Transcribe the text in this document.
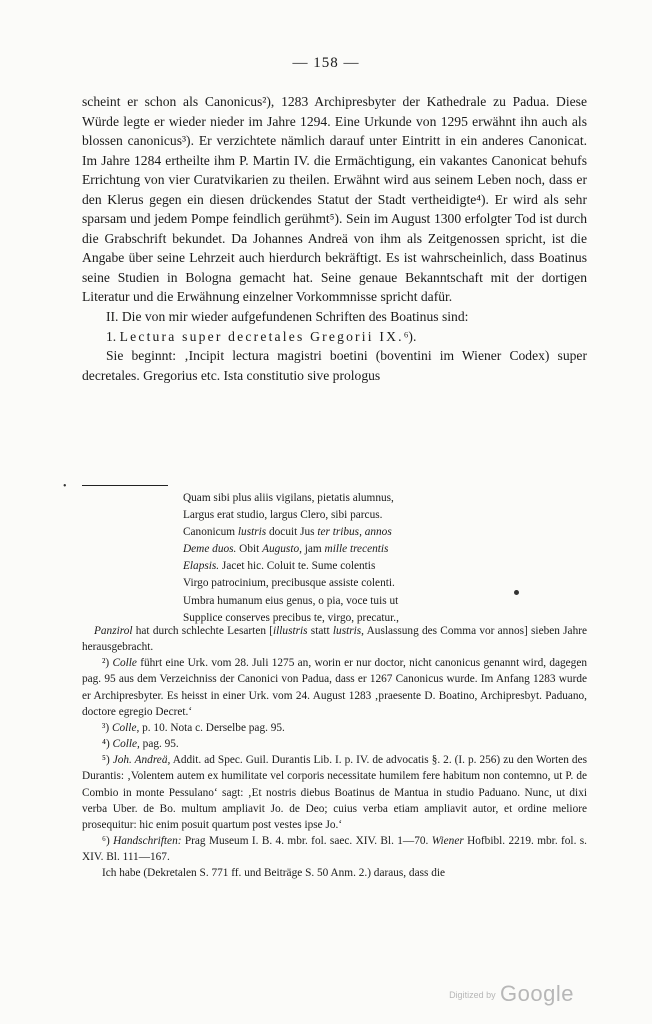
— 158 —

scheint er schon als Canonicus²), 1283 Archipresbyter der Kathedrale zu Padua. Diese Würde legte er wieder nieder im Jahre 1294. Eine Urkunde von 1295 erwähnt ihn auch als blossen canonicus³). Er verzichtete nämlich darauf unter Eintritt in ein anderes Canonicat. Im Jahre 1284 ertheilte ihm P. Martin IV. die Ermächtigung, ein vakantes Canonicat behufs Errichtung von vier Curatvikarien zu theilen. Erwähnt wird aus seinem Leben noch, dass er den Klerus gegen ein diesen drückendes Statut der Stadt vertheidigte⁴). Er wird als sehr sparsam und jedem Pompe feindlich gerühmt⁵). Sein im August 1300 erfolgter Tod ist durch die Grabschrift bekundet. Da Johannes Andreä von ihm als Zeitgenossen spricht, ist die Angabe über seine Lehrzeit auch hierdurch bekräftigt. Es ist wahrscheinlich, dass Boatinus seine Studien in Bologna gemacht hat. Seine genaue Bekanntschaft mit der dortigen Literatur und die Erwähnung einzelner Vorkommnisse spricht dafür.

II. Die von mir wieder aufgefundenen Schriften des Boatinus sind:

1. Lectura super decretales Gregorii IX.⁶).

Sie beginnt: ‚Incipit lectura magistri boetini (boventini im Wiener Codex) super decretales. Gregorius etc. Ista constitutio sive prologus

•
Quam sibi plus aliis vigilans, pietatis alumnus,
Largus erat studio, largus Clero, sibi parcus.
Canonicum lustris docuit Jus ter tribus, annos
Deme duos. Obit Augusto, jam mille trecentis
Elapsis. Jacet hic. Coluit te. Sume colentis
Virgo patrocinium, precibusque assiste colenti.
Umbra humanum eius genus, o pia, voce tuis ut
Supplice conserves precibus te, virgo, precatur.,

Panzirol hat durch schlechte Lesarten [illustris statt lustris, Auslassung des Comma vor annos] sieben Jahre herausgebracht.

²) Colle führt eine Urk. vom 28. Juli 1275 an, worin er nur doctor, nicht canonicus genannt wird, dagegen pag. 95 aus dem Verzeichniss der Canonici von Padua, dass er 1267 Canonicus wurde. Im Anfang 1283 wurde er Archipresbyter. Es heisst in einer Urk. vom 24. August 1283 ‚praesente D. Boatino, Archipresbyt. Paduano, doctore egregio Decret.‘

³) Colle, p. 10. Nota c. Derselbe pag. 95.

⁴) Colle, pag. 95.

⁵) Joh. Andreä, Addit. ad Spec. Guil. Durantis Lib. I. p. IV. de advocatis §. 2. (I. p. 256) zu den Worten des Durantis: ‚Volentem autem ex humilitate vel corporis necessitate humilem fere habitum non contemno, ut P. de Combio in monte Pessulano‘ sagt: ‚Et nostris diebus Boatinus de Mantua in studio Paduano. Nunc, ut dixi verba Uber. de Bo. multum ampliavit Jo. de Deo; cuius verba etiam ampliavit autor, et ordine meliore prosequitur: hic enim posuit quartum post vestes ipse Jo.‘

⁶) Handschriften: Prag Museum I. B. 4. mbr. fol. saec. XIV. Bl. 1—70. Wiener Hofbibl. 2219. mbr. fol. s. XIV. Bl. 111—167.

Ich habe (Dekretalen S. 771 ff. und Beiträge S. 50 Anm. 2.) daraus, dass die

Digitized by Google
